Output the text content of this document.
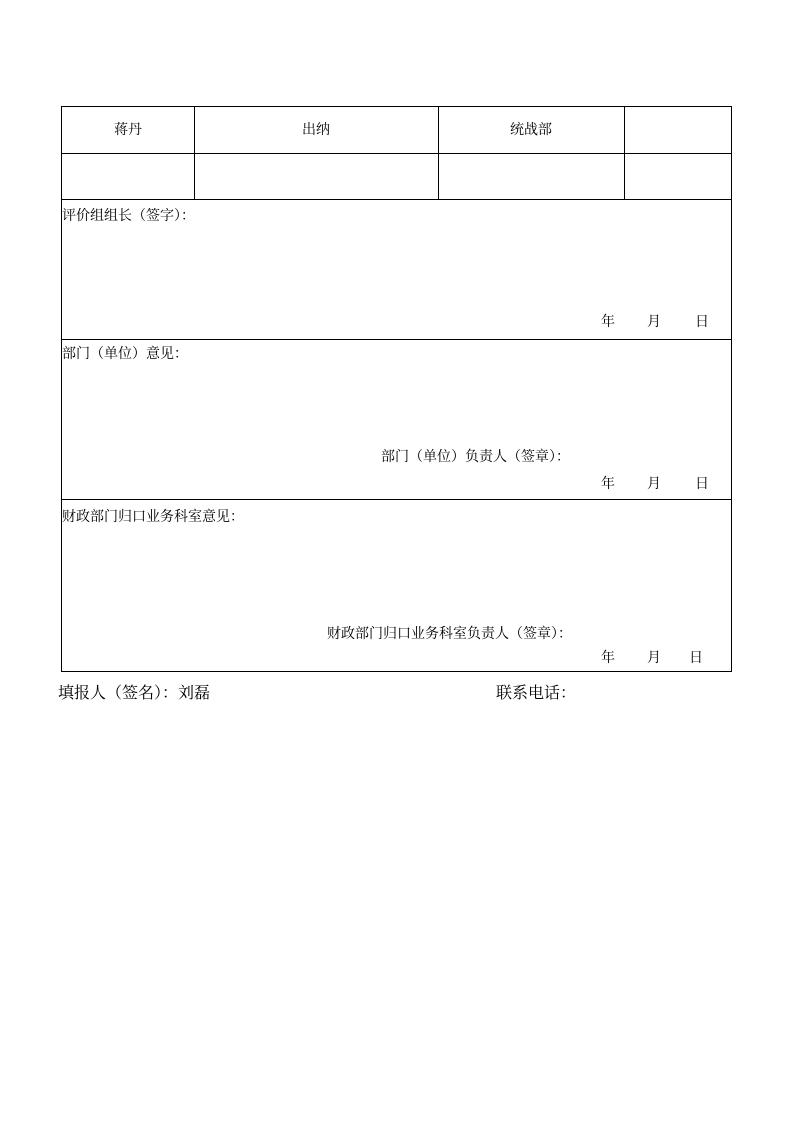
蒋丹	出纳	统战部
评价组组长（签字）：
年 月 日
部门（单位）意见：
部门（单位）负责人（签章）：
年 月 日
财政部门归口业务科室意见：
财政部门归口业务科室负责人（签章）：
年 月 日
填报人（签名）：刘磊	联系电话：
